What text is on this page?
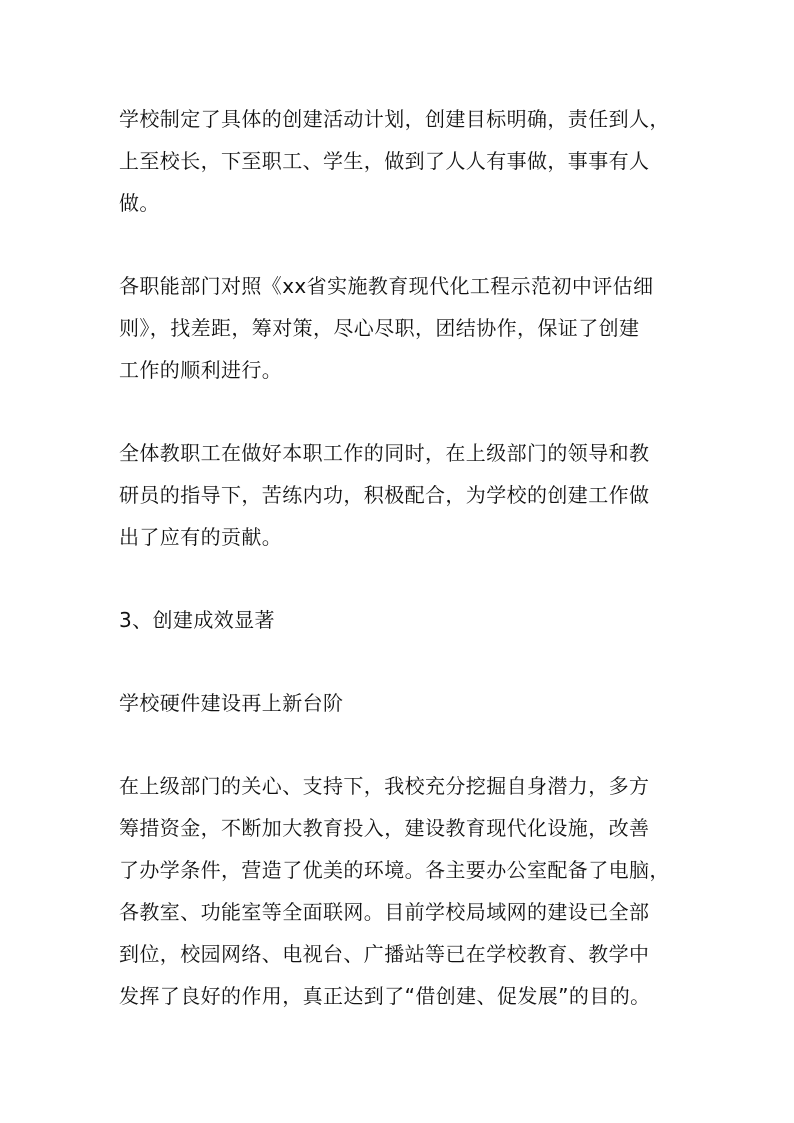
学校制定了具体的创建活动计划，创建目标明确，责任到人，
上至校长，下至职工、学生，做到了人人有事做，事事有人
做。

各职能部门对照《xx省实施教育现代化工程示范初中评估细
则》，找差距，筹对策，尽心尽职，团结协作，保证了创建
工作的顺利进行。

全体教职工在做好本职工作的同时，在上级部门的领导和教
研员的指导下，苦练内功，积极配合，为学校的创建工作做
出了应有的贡献。

3、创建成效显著

学校硬件建设再上新台阶

在上级部门的关心、支持下，我校充分挖掘自身潜力，多方
筹措资金，不断加大教育投入，建设教育现代化设施，改善
了办学条件，营造了优美的环境。各主要办公室配备了电脑，
各教室、功能室等全面联网。目前学校局域网的建设已全部
到位，校园网络、电视台、广播站等已在学校教育、教学中
发挥了良好的作用，真正达到了“借创建、促发展”的目的。
